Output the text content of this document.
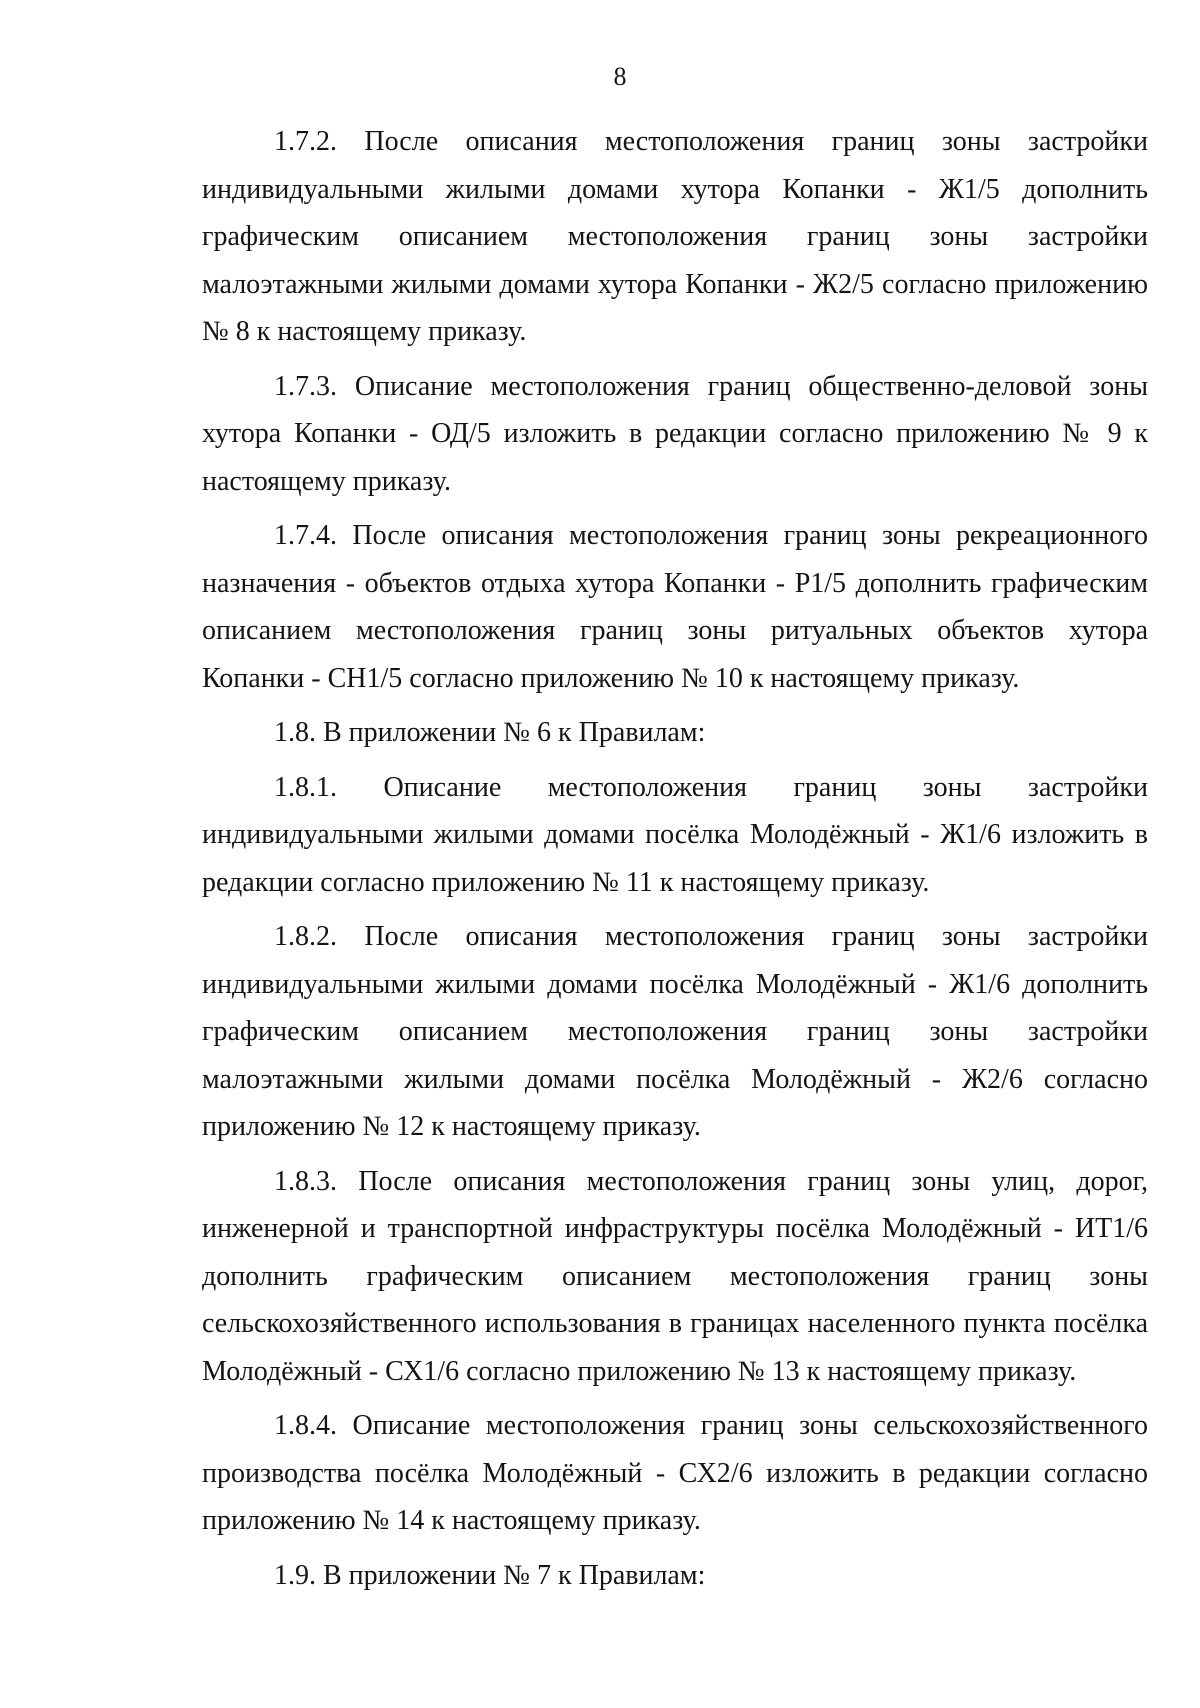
8

1.7.2. После описания местоположения границ зоны застройки индивидуальными жилыми домами хутора Копанки - Ж1/5 дополнить графическим описанием местоположения границ зоны застройки малоэтажными жилыми домами хутора Копанки - Ж2/5 согласно приложению № 8 к настоящему приказу.

1.7.3. Описание местоположения границ общественно-деловой зоны хутора Копанки - ОД/5 изложить в редакции согласно приложению № 9 к настоящему приказу.

1.7.4. После описания местоположения границ зоны рекреационного назначения - объектов отдыха хутора Копанки - Р1/5 дополнить графическим описанием местоположения границ зоны ритуальных объектов хутора Копанки - СН1/5 согласно приложению № 10 к настоящему приказу.

1.8. В приложении № 6 к Правилам:

1.8.1. Описание местоположения границ зоны застройки индивидуальными жилыми домами посёлка Молодёжный - Ж1/6 изложить в редакции согласно приложению № 11 к настоящему приказу.

1.8.2. После описания местоположения границ зоны застройки индивидуальными жилыми домами посёлка Молодёжный - Ж1/6 дополнить графическим описанием местоположения границ зоны застройки малоэтажными жилыми домами посёлка Молодёжный - Ж2/6 согласно приложению № 12 к настоящему приказу.

1.8.3. После описания местоположения границ зоны улиц, дорог, инженерной и транспортной инфраструктуры посёлка Молодёжный - ИТ1/6 дополнить графическим описанием местоположения границ зоны сельскохозяйственного использования в границах населенного пункта посёлка Молодёжный - СХ1/6 согласно приложению № 13 к настоящему приказу.

1.8.4. Описание местоположения границ зоны сельскохозяйственного производства посёлка Молодёжный - СХ2/6 изложить в редакции согласно приложению № 14 к настоящему приказу.

1.9. В приложении № 7 к Правилам:
